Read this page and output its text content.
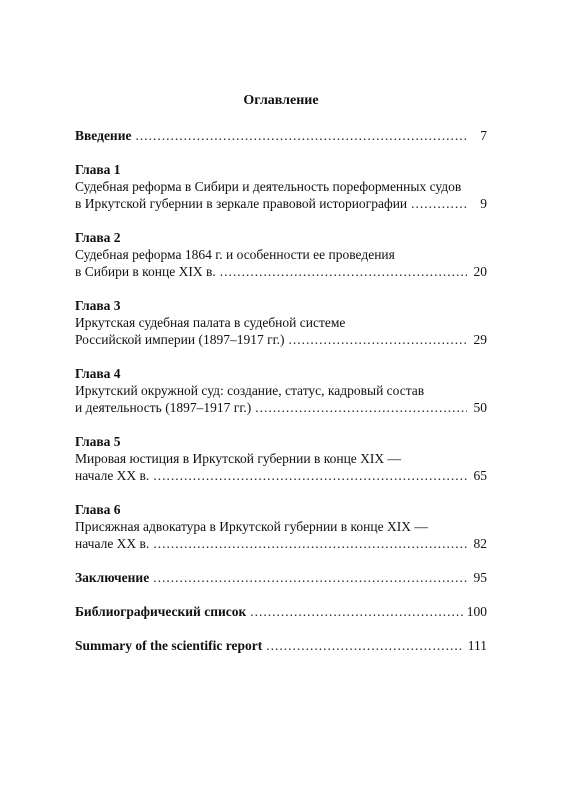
Оглавление
Введение .....	7
Глава 1
Судебная реформа в Сибири и деятельность пореформенных судов
в Иркутской губернии в зеркале правовой историографии .....	9
Глава 2
Судебная реформа 1864 г. и особенности ее проведения
в Сибири в конце XIX в. .....	20
Глава 3
Иркутская судебная палата в судебной системе
Российской империи (1897–1917 гг.) .....	29
Глава 4
Иркутский окружной суд: создание, статус, кадровый состав
и деятельность (1897–1917 гг.) .....	50
Глава 5
Мировая юстиция в Иркутской губернии в конце XIX —
начале XX в. .....	65
Глава 6
Присяжная адвокатура в Иркутской губернии в конце XIX —
начале XX в. .....	82
Заключение .....	95
Библиографический список .....	100
Summary of the scientific report .....	111
